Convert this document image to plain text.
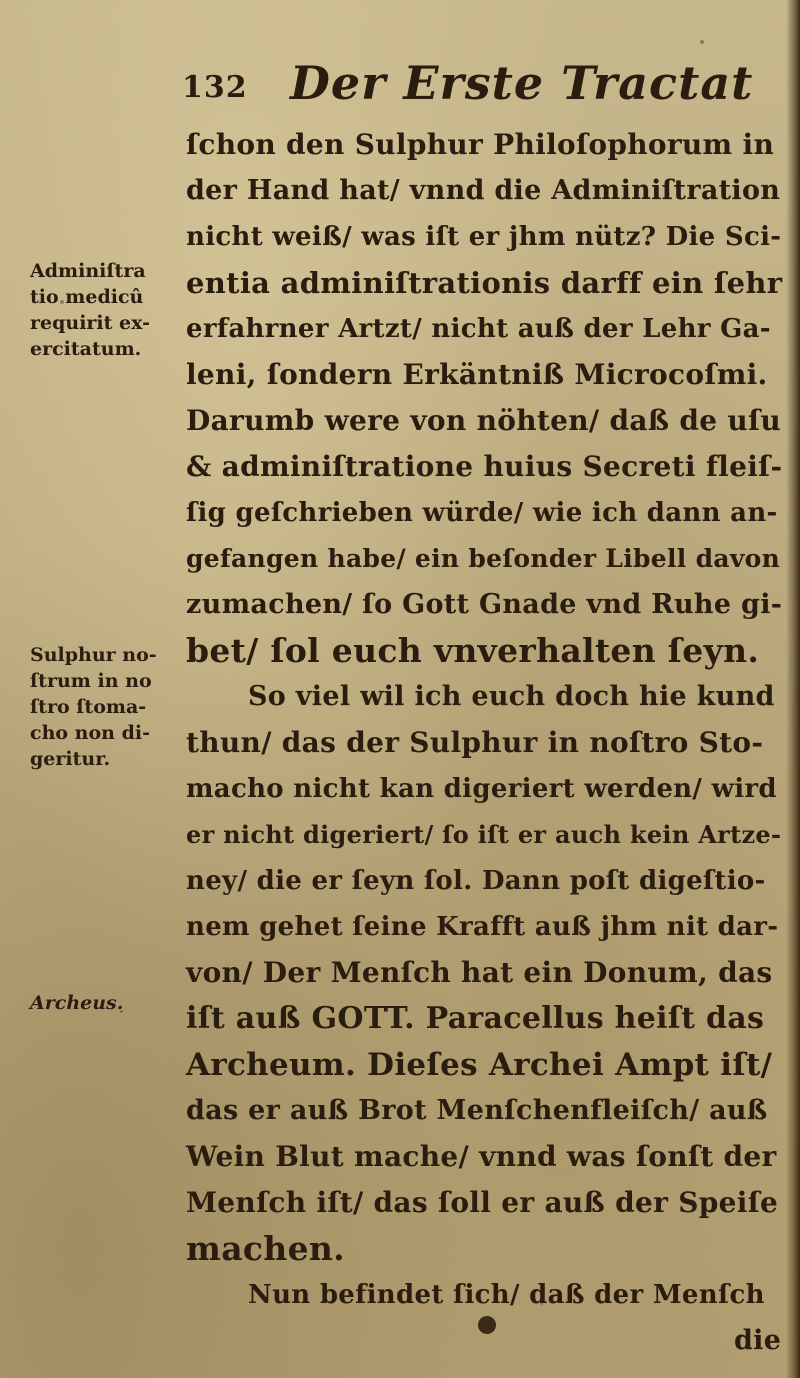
132 Der Erste Tractat
Adminiſtra
tio medicû
requirit ex-
ercitatum.
Sulphur no-
ſtrum in no
ſtro ſtoma-
cho non di-
geritur.
Archeus.
ſchon den Sulphur Philoſophorum in
der Hand hat/ vnnd die Adminiſtration
nicht weiß/ was iſt er jhm nütz? Die Sci-
entia adminiſtrationis darff ein ſehr
erfahrner Artzt/ nicht auß der Lehr Ga-
leni, ſondern Erkäntniß Microcoſmi.
Darumb were von nöhten/ daß de uſu
& adminiſtratione huius Secreti fleiſ-
ſig geſchrieben würde/ wie ich dann an-
gefangen habe/ ein beſonder Libell davon
zumachen/ ſo Gott Gnade vnd Ruhe gi-
bet/ ſol euch vnverhalten ſeyn.
So viel wil ich euch doch hie kund
thun/ das der Sulphur in noſtro Sto-
macho nicht kan digeriert werden/ wird
er nicht digeriert/ ſo iſt er auch kein Artze-
ney/ die er ſeyn ſol. Dann poſt digeſtio-
nem gehet ſeine Krafft auß jhm nit dar-
von/ Der Menſch hat ein Donum, das
iſt auß GOTT. Paracellus heiſt das
Archeum. Dieſes Archei Ampt iſt/
das er auß Brot Menſchenfleiſch/ auß
Wein Blut mache/ vnnd was ſonſt der
Menſch iſt/ das ſoll er auß der Speiſe
machen.
Nun befindet ſich/ daß der Menſch
die
